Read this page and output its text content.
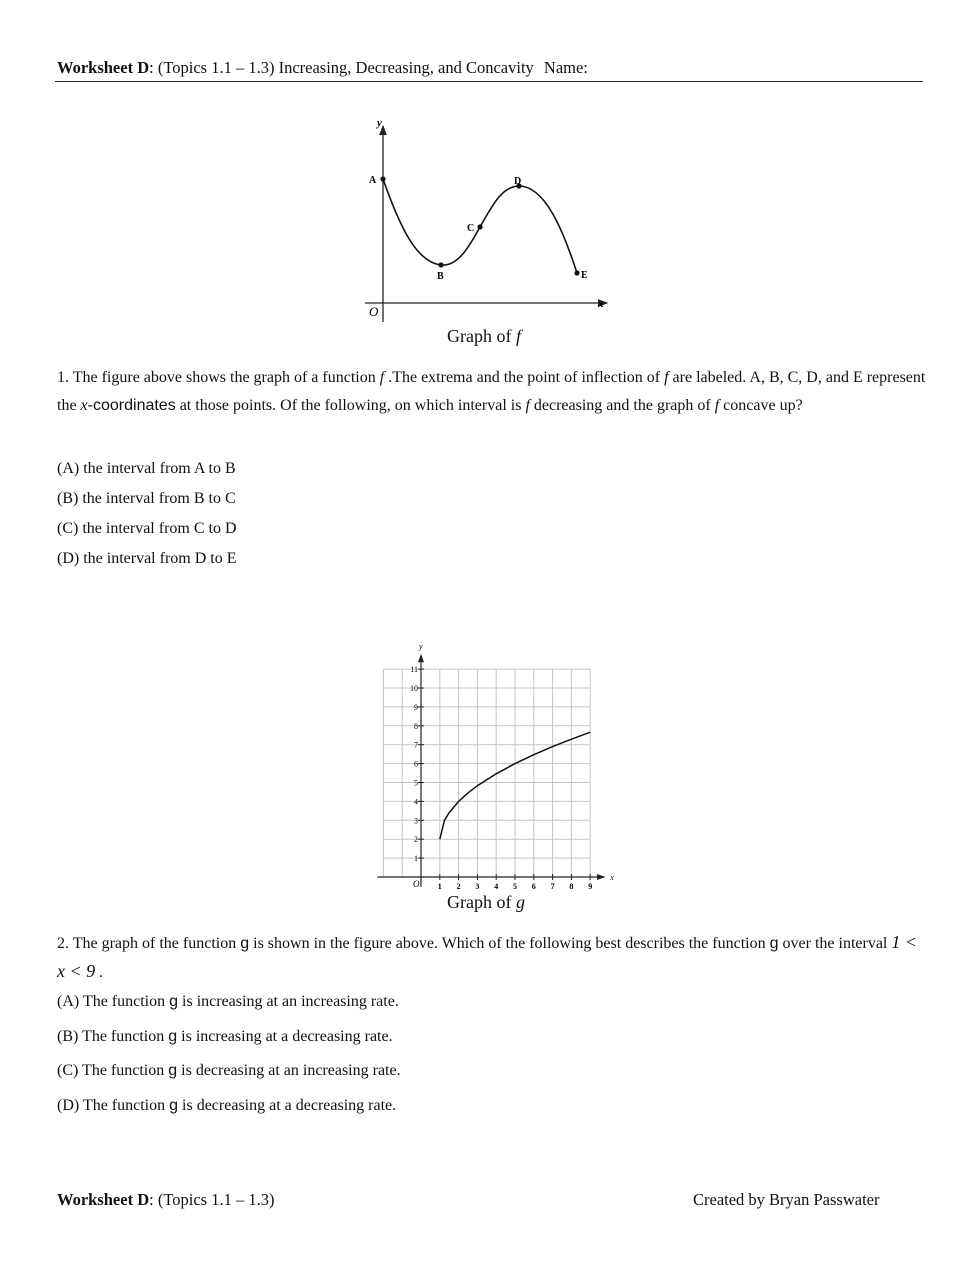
Worksheet D: (Topics 1.1 – 1.3) Increasing, Decreasing, and Concavity Name:
y
x
O
A
B
C
D
E
Graph of f
1. The figure above shows the graph of a function f .The extrema and the point of inflection of f are labeled. A, B, C, D, and E represent the x-coordinates at those points. Of the following, on which interval is f decreasing and the graph of f concave up?
(A) the interval from A to B
(B) the interval from B to C
(C) the interval from C to D
(D) the interval from D to E
1 2 3 4 5 6 7 8 9
1
2
3
4
5
6
7
8
9
10
11
y
x
O
Graph of g
2. The graph of the function g is shown in the figure above. Which of the following best describes the function g over the interval 1 < x < 9 .
(A) The function g is increasing at an increasing rate.
(B) The function g is increasing at a decreasing rate.
(C) The function g is decreasing at an increasing rate.
(D) The function g is decreasing at a decreasing rate.
Worksheet D: (Topics 1.1 – 1.3)	Created by Bryan Passwater
